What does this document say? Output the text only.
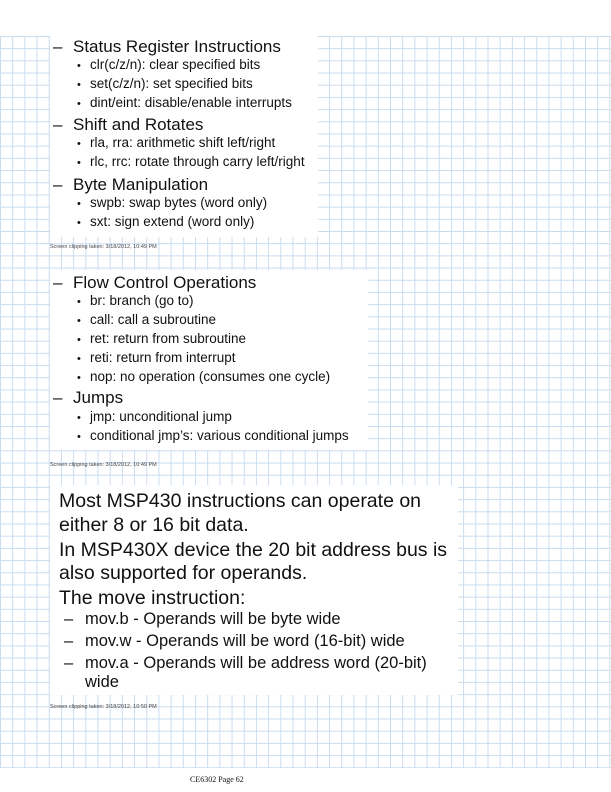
– Status Register Instructions
• clr(c/z/n): clear specified bits
• set(c/z/n): set specified bits
• dint/eint: disable/enable interrupts
– Shift and Rotates
• rla, rra: arithmetic shift left/right
• rlc, rrc: rotate through carry left/right
– Byte Manipulation
• swpb: swap bytes (word only)
• sxt: sign extend (word only)
Screen clipping taken: 3/18/2012, 10:49 PM
– Flow Control Operations
• br: branch (go to)
• call: call a subroutine
• ret: return from subroutine
• reti: return from interrupt
• nop: no operation (consumes one cycle)
– Jumps
• jmp: unconditional jump
• conditional jmp’s: various conditional jumps
Screen clipping taken: 3/18/2012, 10:49 PM
Most MSP430 instructions can operate on
either 8 or 16 bit data.
In MSP430X device the 20 bit address bus is
also supported for operands.
The move instruction:
– mov.b - Operands will be byte wide
– mov.w - Operands will be word (16-bit) wide
– mov.a - Operands will be address word (20-bit)
wide
Screen clipping taken: 3/18/2012, 10:50 PM
CE6302 Page 62
